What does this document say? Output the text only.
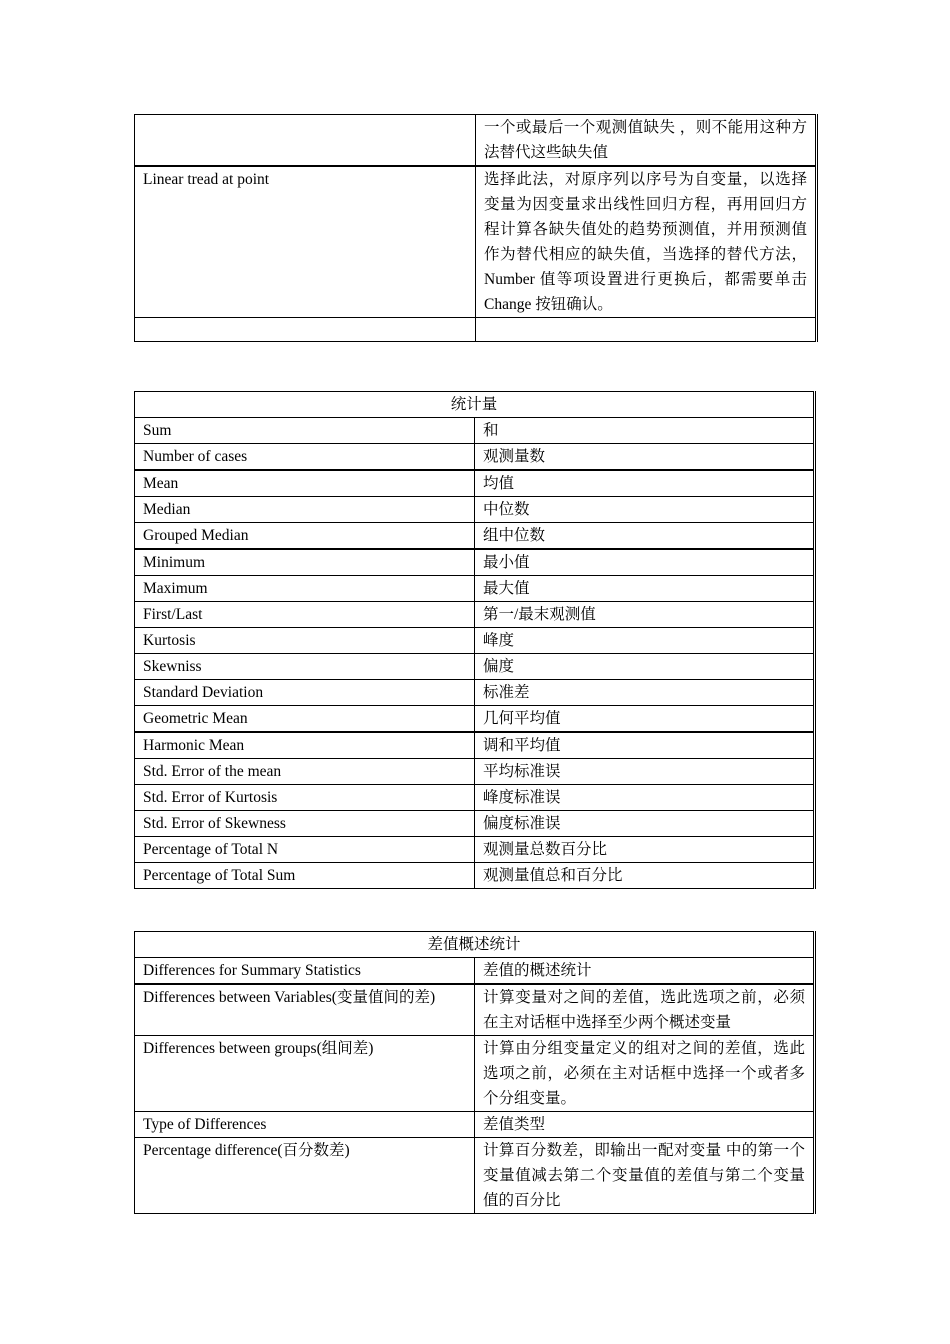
	一个或最后一个观测值缺失 ，则不能用这种方法替代这些缺失值
Linear tread at point	选择此法，对原序列以序号为自变量，以选择变量为因变量求出线性回归方程，再用回归方程计算各缺失值处的趋势预测值，并用预测值作为替代相应的缺失值，当选择的替代方法，Number 值等项设置进行更换后，都需要单击 Change 按钮确认。

统计量	
Sum	和
Number of cases	观测量数
Mean	均值
Median	中位数
Grouped Median	组中位数
Minimum	最小值
Maximum	最大值
First/Last	第一/最末观测值
Kurtosis	峰度
Skewniss	偏度
Standard Deviation	标准差
Geometric Mean	几何平均值
Harmonic Mean	调和平均值
Std. Error of the mean	平均标准误
Std. Error of Kurtosis	峰度标准误
Std. Error of Skewness	偏度标准误
Percentage of Total N	观测量总数百分比
Percentage of Total Sum	观测量值总和百分比
差值概述统计	
Differences for Summary Statistics	差值的概述统计
Differences between Variables(变量值间的差)	计算变量对之间的差值，选此选项之前，必须在主对话框中选择至少两个概述变量
Differences between groups(组间差)	计算由分组变量定义的组对之间的差值，选此选项之前，必须在主对话框中选择一个或者多个分组变量。
Type of Differences	差值类型
Percentage difference(百分数差)	计算百分数差，即输出一配对变量 中的第一个变量值减去第二个变量值的差值与第二个变量值的百分比
